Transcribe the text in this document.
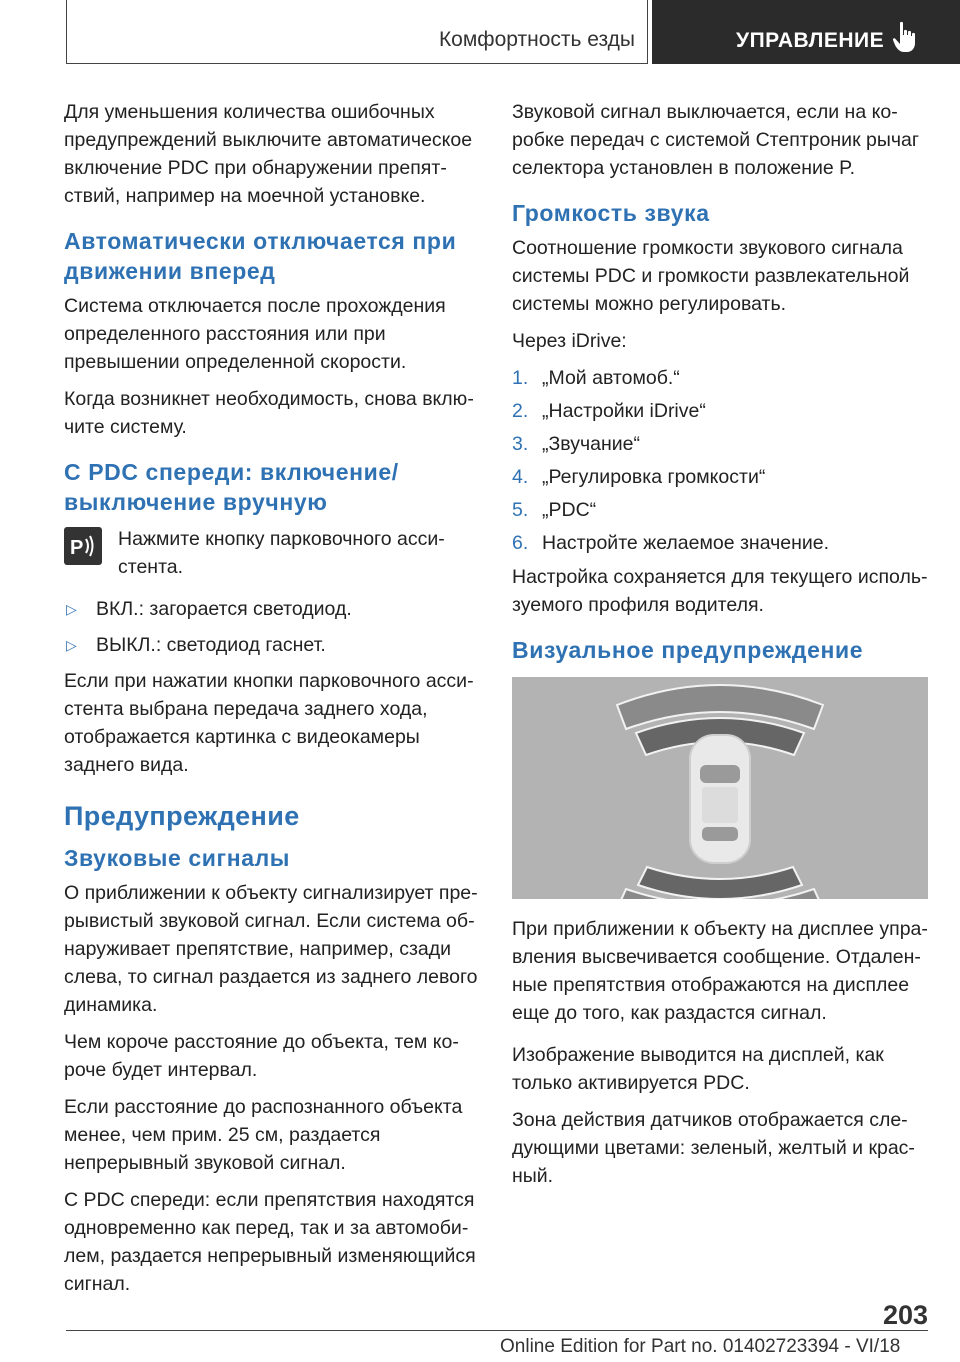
Комфортность езды	УПРАВЛЕНИЕ

Для уменьшения количества ошибочных предупреждений выключите автоматическое включение PDC при обнаружении препятствий, например на моечной установке.

Автоматически отключается при движении вперед

Система отключается после прохождения определенного расстояния или при превышении определенной скорости.

Когда возникнет необходимость, снова включите систему.

С PDC спереди: включение/ выключение вручную
P Нажмите кнопку парковочного ассистента.

▷ ВКЛ.: загорается светодиод.
▷ ВЫКЛ.: светодиод гаснет.

Если при нажатии кнопки парковочного ассистента выбрана передача заднего хода, отображается картинка с видеокамеры заднего вида.

Предупреждение
Звуковые сигналы

О приближении к объекту сигнализирует прерывистый звуковой сигнал. Если система обнаруживает препятствие, например, сзади слева, то сигнал раздается из заднего левого динамика.

Чем короче расстояние до объекта, тем короче будет интервал.

Если расстояние до распознанного объекта менее, чем прим. 25 см, раздается непрерывный звуковой сигнал.

С PDC спереди: если препятствия находятся одновременно как перед, так и за автомобилем, раздается непрерывный изменяющийся сигнал.

Звуковой сигнал выключается, если на коробке передач с системой Стептроник рычаг селектора установлен в положение P.

Громкость звука

Соотношение громкости звукового сигнала системы PDC и громкости развлекательной системы можно регулировать.

Через iDrive:

1. „Мой автомоб.“
2. „Настройки iDrive“
3. „Звучание“
4. „Регулировка громкости“
5. „PDC“
6. Настройте желаемое значение.

Настройка сохраняется для текущего используемого профиля водителя.

Визуальное предупреждение

При приближении к объекту на дисплее управления высвечивается сообщение. Отдаленные препятствия отображаются на дисплее еще до того, как раздастся сигнал.

Изображение выводится на дисплей, как только активируется PDC.

Зона действия датчиков отображается следующими цветами: зеленый, желтый и красный.

203
Online Edition for Part no. 01402723394 - VI/18
